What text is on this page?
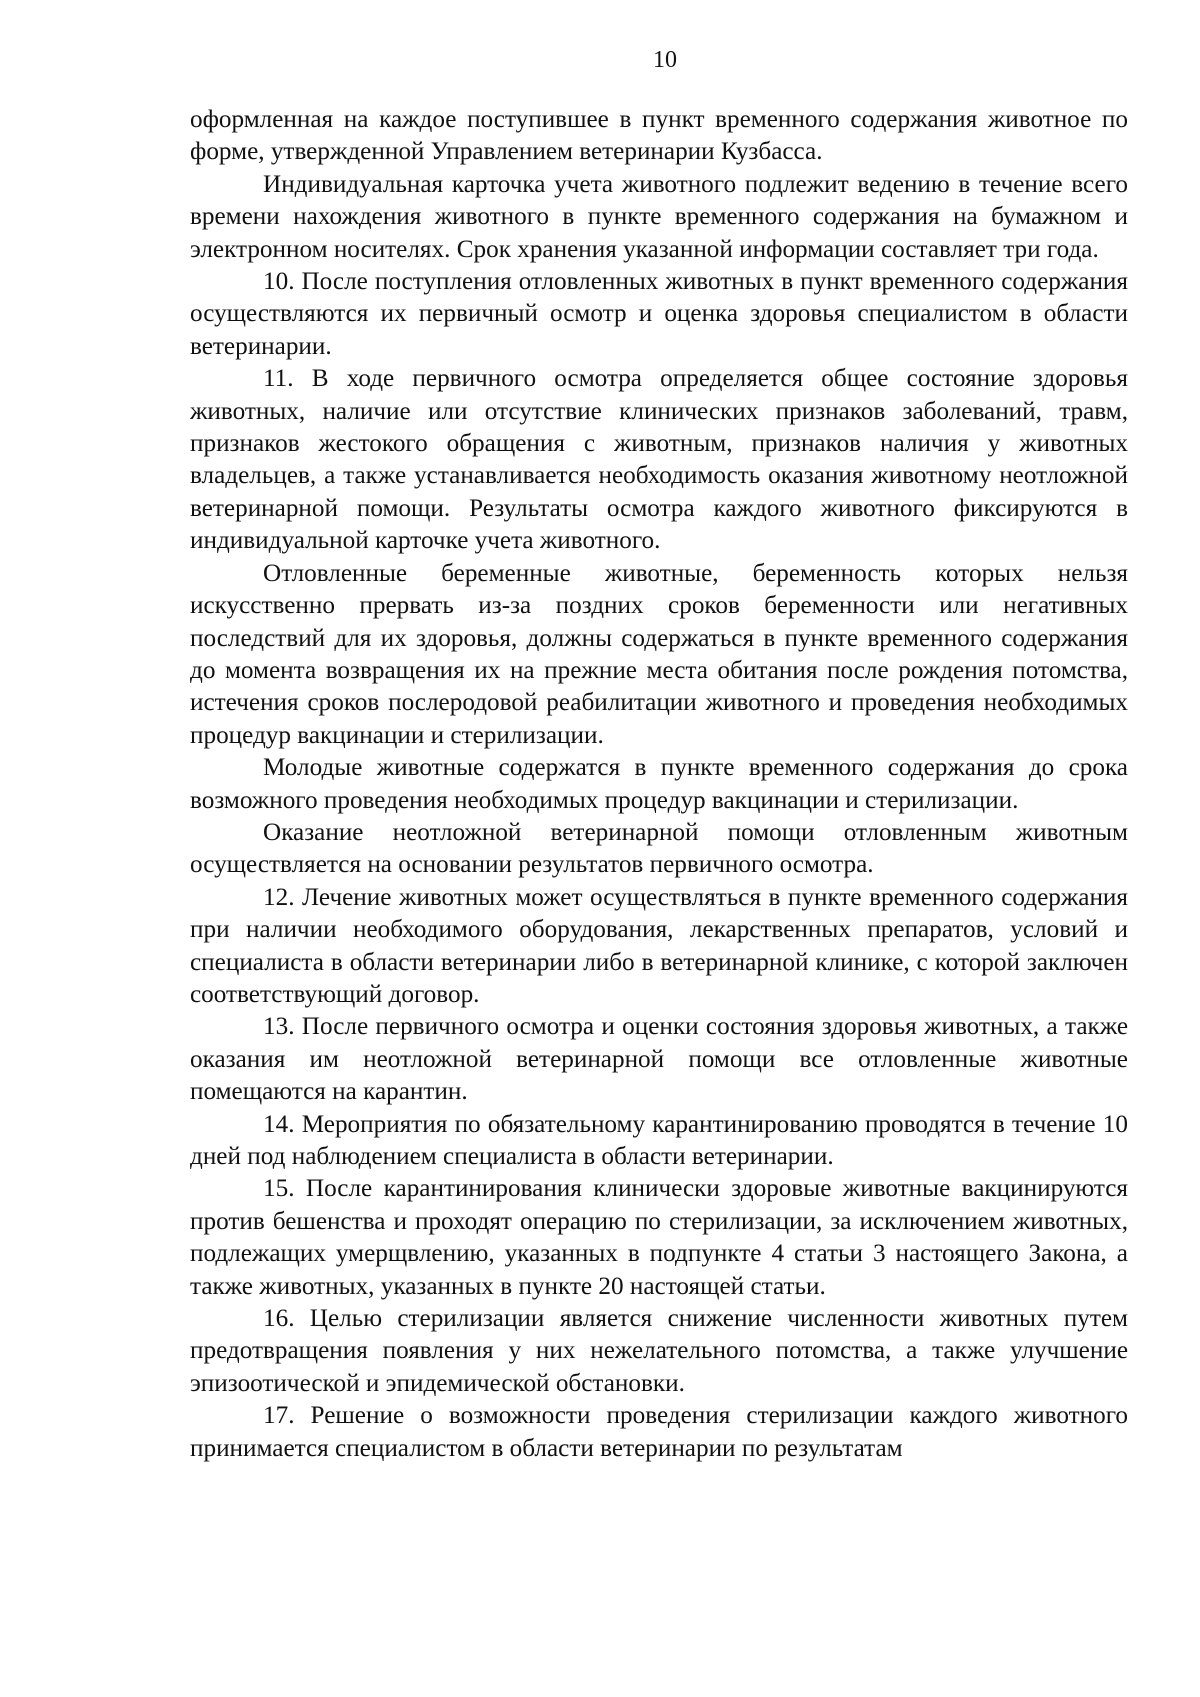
10

оформленная на каждое поступившее в пункт временного содержания животное по форме, утвержденной Управлением ветеринарии Кузбасса.

Индивидуальная карточка учета животного подлежит ведению в течение всего времени нахождения животного в пункте временного содержания на бумажном и электронном носителях. Срок хранения указанной информации составляет три года.

10. После поступления отловленных животных в пункт временного содержания осуществляются их первичный осмотр и оценка здоровья специалистом в области ветеринарии.

11. В ходе первичного осмотра определяется общее состояние здоровья животных, наличие или отсутствие клинических признаков заболеваний, травм, признаков жестокого обращения с животным, признаков наличия у животных владельцев, а также устанавливается необходимость оказания животному неотложной ветеринарной помощи. Результаты осмотра каждого животного фиксируются в индивидуальной карточке учета животного.

Отловленные беременные животные, беременность которых нельзя искусственно прервать из-за поздних сроков беременности или негативных последствий для их здоровья, должны содержаться в пункте временного содержания до момента возвращения их на прежние места обитания после рождения потомства, истечения сроков послеродовой реабилитации животного и проведения необходимых процедур вакцинации и стерилизации.

Молодые животные содержатся в пункте временного содержания до срока возможного проведения необходимых процедур вакцинации и стерилизации.

Оказание неотложной ветеринарной помощи отловленным животным осуществляется на основании результатов первичного осмотра.

12. Лечение животных может осуществляться в пункте временного содержания при наличии необходимого оборудования, лекарственных препаратов, условий и специалиста в области ветеринарии либо в ветеринарной клинике, с которой заключен соответствующий договор.

13. После первичного осмотра и оценки состояния здоровья животных, а также оказания им неотложной ветеринарной помощи все отловленные животные помещаются на карантин.

14. Мероприятия по обязательному карантинированию проводятся в течение 10 дней под наблюдением специалиста в области ветеринарии.

15. После карантинирования клинически здоровые животные вакцинируются против бешенства и проходят операцию по стерилизации, за исключением животных, подлежащих умерщвлению, указанных в подпункте 4 статьи 3 настоящего Закона, а также животных, указанных в пункте 20 настоящей статьи.

16. Целью стерилизации является снижение численности животных путем предотвращения появления у них нежелательного потомства, а также улучшение эпизоотической и эпидемической обстановки.

17. Решение о возможности проведения стерилизации каждого животного принимается специалистом в области ветеринарии по результатам
